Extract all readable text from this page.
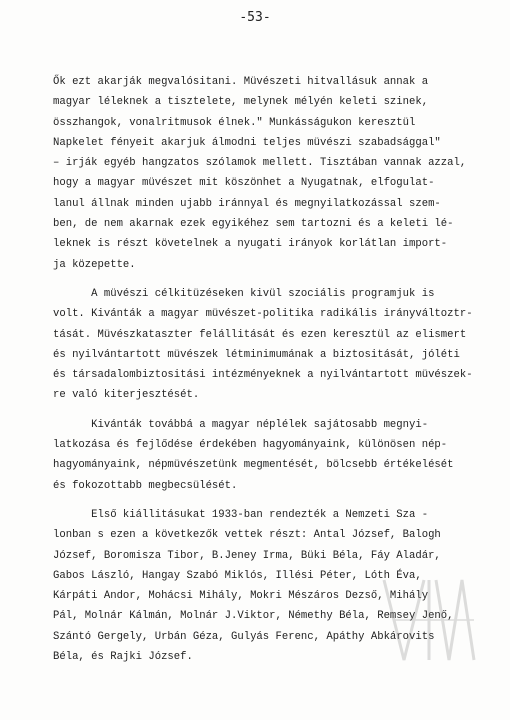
-53-
Ők ezt akarják megvalósitani. Müvészeti hitvallásuk annak a
magyar léleknek a tisztelete, melynek mélyén keleti szinek,
összhangok, vonalritmusok élnek." Munkásságukon keresztül
Napkelet fényeit akarjuk álmodni teljes müvészi szabadsággal"
– irják egyéb hangzatos szólamok mellett. Tisztában vannak azzal,
hogy a magyar müvészet mit köszönhet a Nyugatnak, elfogulat-
lanul állnak minden ujabb iránnyal és megnyilatkozással szem-
ben, de nem akarnak ezek egyikéhez sem tartozni és a keleti lé-
leknek is részt követelnek a nyugati irányok korlátlan import-
ja közepette.
A müvészi célkitüzéseken kivül szociális programjuk is
volt. Kivánták a magyar müvészet-politika radikális irányváltoztr-
tását. Müvészkataszter felállitását és ezen keresztül az elismert
és nyilvántartott müvészek létminimumának a biztositását, jóléti
és társadalombiztositási intézményeknek a nyilvántartott müvészek-
re való kiterjesztését.
Kivánták továbbá a magyar néplélek sajátosabb megnyi-
latkozása és fejlődése érdekében hagyományaink, különösen nép-
hagyományaink, népmüvészetünk megmentését, bölcsebb értékelését
és fokozottabb megbecsülését.
Első kiállitásukat 1933-ban rendezték a Nemzeti Sza -
lonban s ezen a következők vettek részt: Antal József, Balogh
József, Boromisza Tibor, B.Jeney Irma, Büki Béla, Fáy Aladár,
Gabos László, Hangay Szabó Miklós, Illési Péter, Lóth Éva,
Kárpáti Andor, Mohácsi Mihály, Mokri Mészáros Dezső, Mihály
Pál, Molnár Kálmán, Molnár J.Viktor, Némethy Béla, Remsey Jenő,
Szántó Gergely, Urbán Géza, Gulyás Ferenc, Apáthy Abkárovits
Béla, és Rajki József.
